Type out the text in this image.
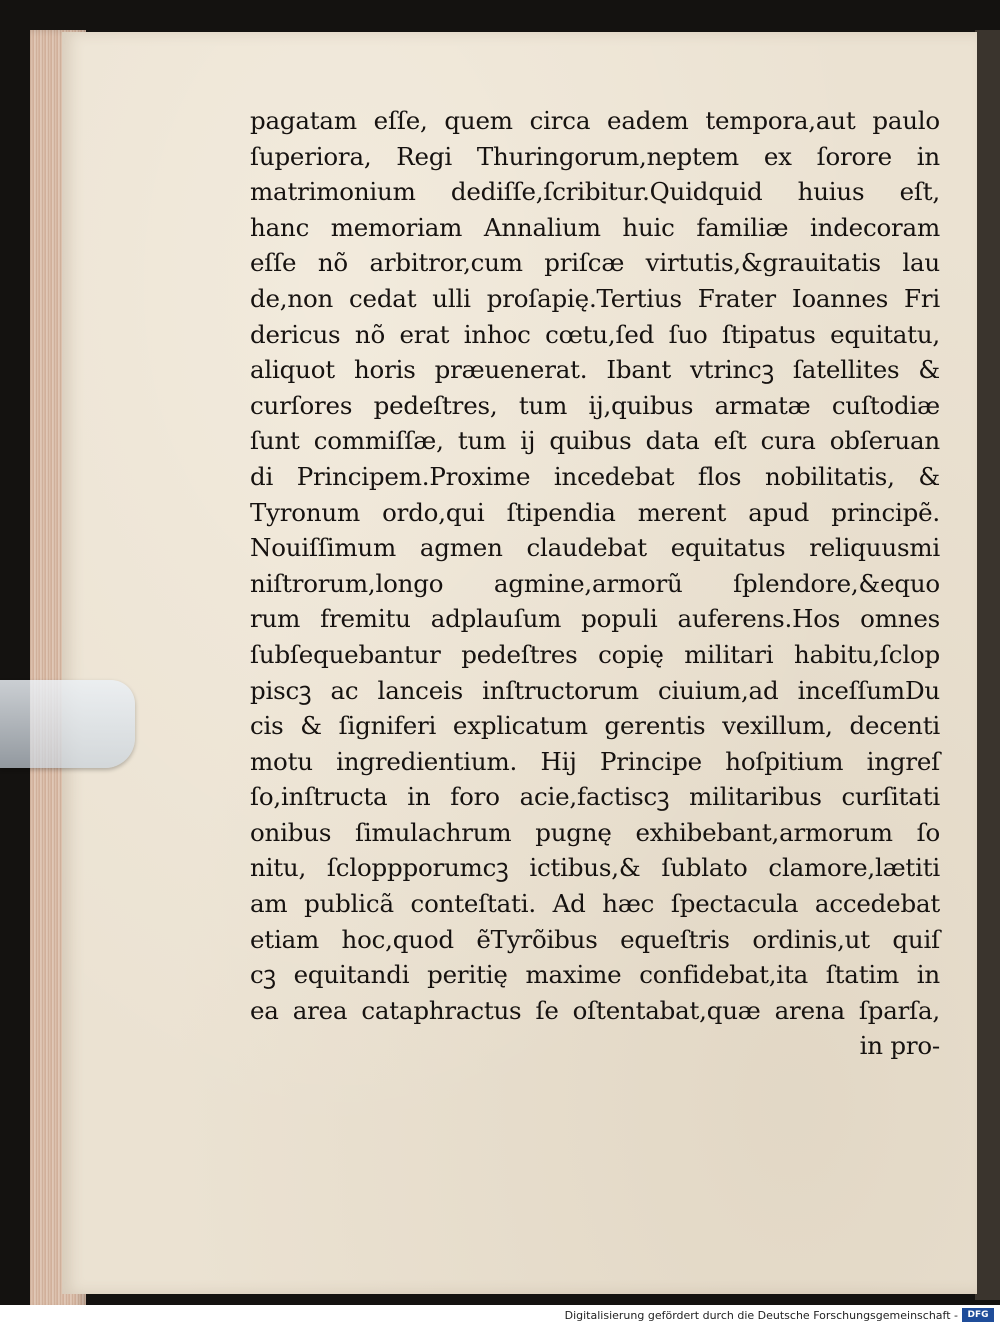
pagatam eſſe, quem circa eadem tempora,aut paulo
ſuperiora, Regi Thuringorum,neptem ex ſorore in
matrimonium dediſſe,ſcribitur.Quidquid huius eſt,
hanc memoriam Annalium huic familiæ indecoram
eſſe nõ arbitror,cum priſcæ virtutis,&grauitatis lau
de,non cedat ulli proſapię.Tertius Frater Ioannes Fri
dericus nõ erat inhoc cœtu,ſed ſuo ſtipatus equitatu,
aliquot horis præuenerat. Ibant vtrincꝫ ſatellites &
curſores pedeſtres, tum ij,quibus armatæ cuſtodiæ
ſunt commiſſæ, tum ij quibus data eſt cura obſeruan
di Principem.Proxime incedebat flos nobilitatis, &
Tyronum ordo,qui ſtipendia merent apud principẽ.
Nouiſſimum agmen claudebat equitatus reliquusmi
niſtrorum,longo agmine,armorũ ſplendore,&equo
rum fremitu adplauſum populi auferens.Hos omnes
ſubſequebantur pedeſtres copię militari habitu,ſclop
piscꝫ ac lanceis inſtructorum ciuium,ad inceſſumDu
cis & ſigniferi explicatum gerentis vexillum, decenti
motu ingredientium. Hij Principe hoſpitium ingreſ
ſo,inſtructa in foro acie,factiscꝫ militaribus curſitati
onibus ſimulachrum pugnę exhibebant,armorum ſo
nitu, ſcloppporumcꝫ ictibus,& ſublato clamore,lætiti
am publicã conteſtati. Ad hæc ſpectacula accedebat
etiam hoc,quod ẽTyrõibus equeſtris ordinis,ut quiſ
cꝫ equitandi peritię maxime confidebat,ita ſtatim in
ea area cataphractus ſe oſtentabat,quæ arena ſparſa,
in pro-
Digitalisierung gefördert durch die Deutsche Forschungsgemeinschaft -	DFG
